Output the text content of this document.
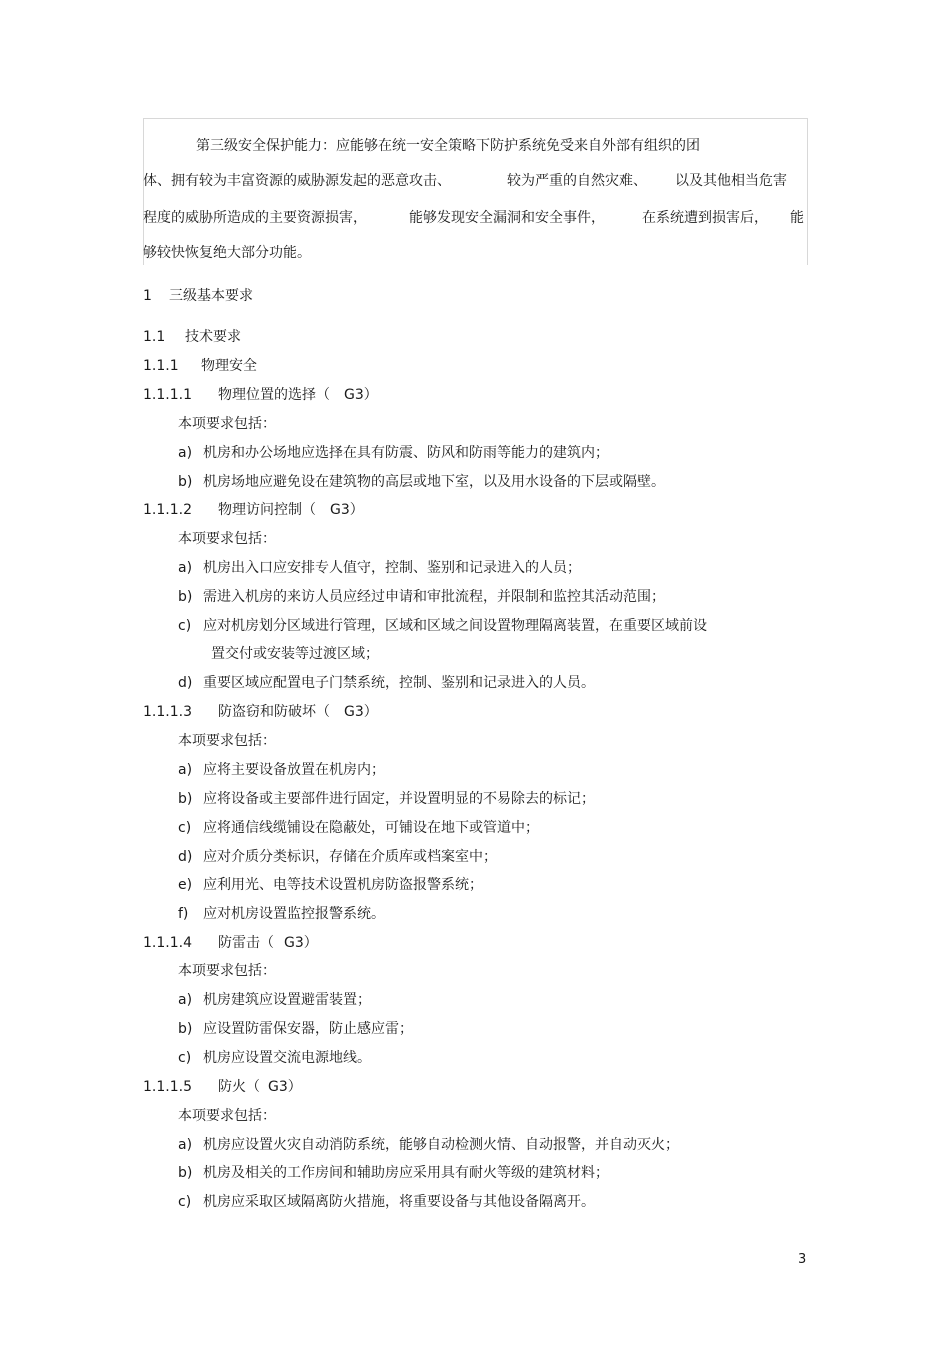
第三级安全保护能力：应能够在统一安全策略下防护系统免受来自外部有组织的团
体、拥有较为丰富资源的威胁源发起的恶意攻击、	较为严重的自然灾难、 以及其他相当危害
程度的威胁所造成的主要资源损害，	能够发现安全漏洞和安全事件，	在系统遭到损害后， 能
够较快恢复绝大部分功能。
1 三级基本要求
1.1 技术要求
1.1.1 物理安全
1.1.1.1 物理位置的选择（ G3）
本项要求包括：
a) 机房和办公场地应选择在具有防震、防风和防雨等能力的建筑内；
b) 机房场地应避免设在建筑物的高层或地下室，以及用水设备的下层或隔壁。
1.1.1.2 物理访问控制（ G3）
本项要求包括：
a) 机房出入口应安排专人值守，控制、鉴别和记录进入的人员；
b) 需进入机房的来访人员应经过申请和审批流程，并限制和监控其活动范围；
c) 应对机房划分区域进行管理，区域和区域之间设置物理隔离装置，在重要区域前设
置交付或安装等过渡区域；
d) 重要区域应配置电子门禁系统，控制、鉴别和记录进入的人员。
1.1.1.3 防盗窃和防破坏（ G3）
本项要求包括：
a) 应将主要设备放置在机房内；
b) 应将设备或主要部件进行固定，并设置明显的不易除去的标记；
c) 应将通信线缆铺设在隐蔽处，可铺设在地下或管道中；
d) 应对介质分类标识，存储在介质库或档案室中；
e) 应利用光、电等技术设置机房防盗报警系统；
f) 应对机房设置监控报警系统。
1.1.1.4 防雷击（ G3）
本项要求包括：
a) 机房建筑应设置避雷装置；
b) 应设置防雷保安器，防止感应雷；
c) 机房应设置交流电源地线。
1.1.1.5 防火（ G3）
本项要求包括：
a) 机房应设置火灾自动消防系统，能够自动检测火情、自动报警，并自动灭火；
b) 机房及相关的工作房间和辅助房应采用具有耐火等级的建筑材料；
c) 机房应采取区域隔离防火措施，将重要设备与其他设备隔离开。
3
